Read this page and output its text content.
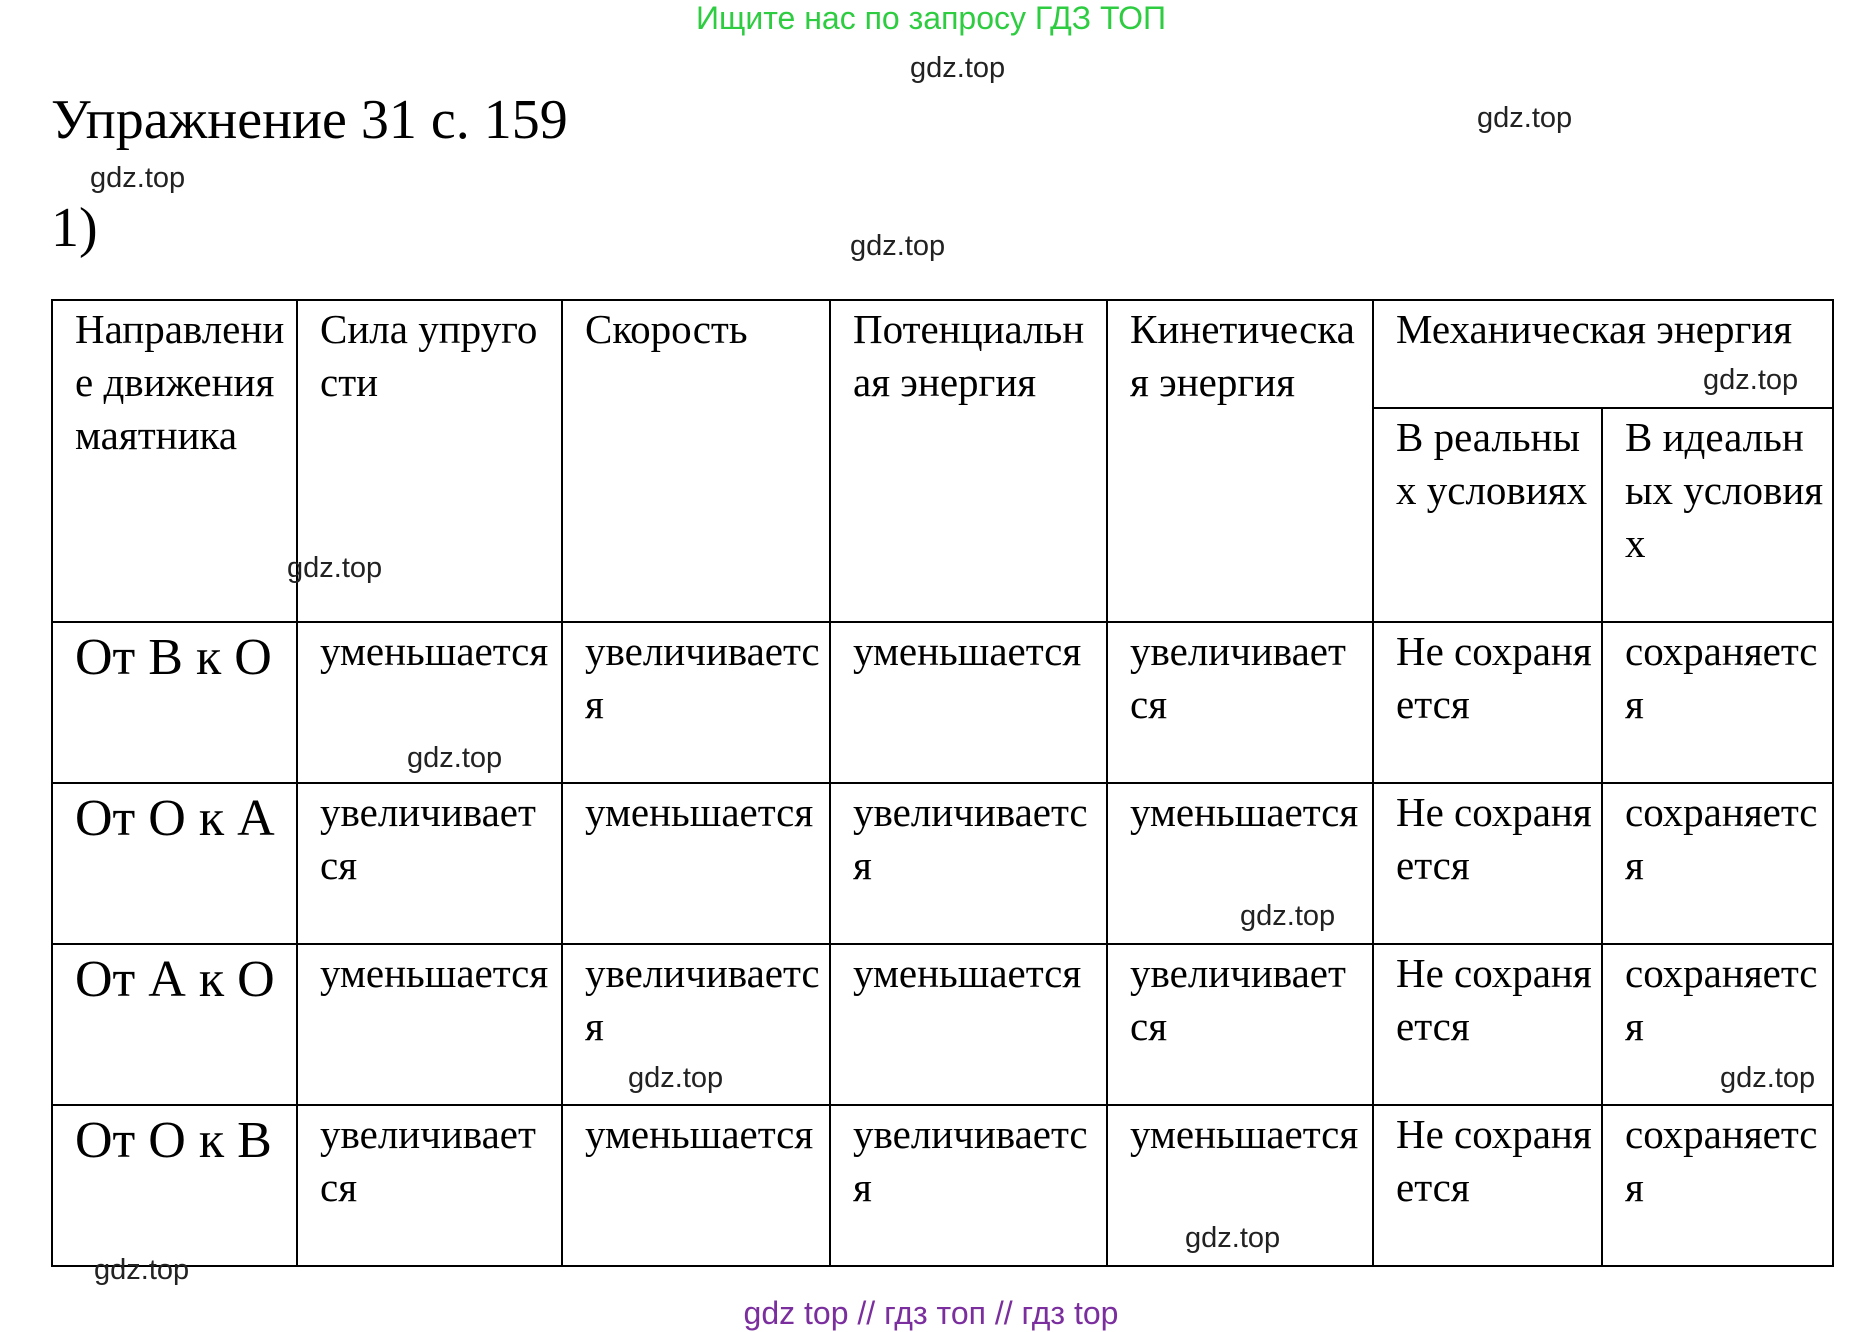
Ищите нас по запросу ГДЗ ТОП
Упражнение 31 с. 159
1)
Направление движения маятника	Сила упругости	Скорость	Потенциальная энергия	Кинетическая энергия	Механическая энергия	
					В реальных условиях	В идеальных условиях
От В к О	уменьшается	увеличивается	уменьшается	увеличивается	Не сохраняется	сохраняется
От О к А	увеличивается	уменьшается	увеличивается	уменьшается	Не сохраняется	сохраняется
От А к О	уменьшается	увеличивается	уменьшается	увеличивается	Не сохраняется	сохраняется
От О к В	увеличивается	уменьшается	увеличивается	уменьшается	Не сохраняется	сохраняется
gdz top // гдз топ // гдз top
gdz.top
gdz.top
gdz.top
gdz.top
gdz.top
gdz.top
gdz.top
gdz.top
gdz.top
gdz.top
gdz.top
gdz.top
